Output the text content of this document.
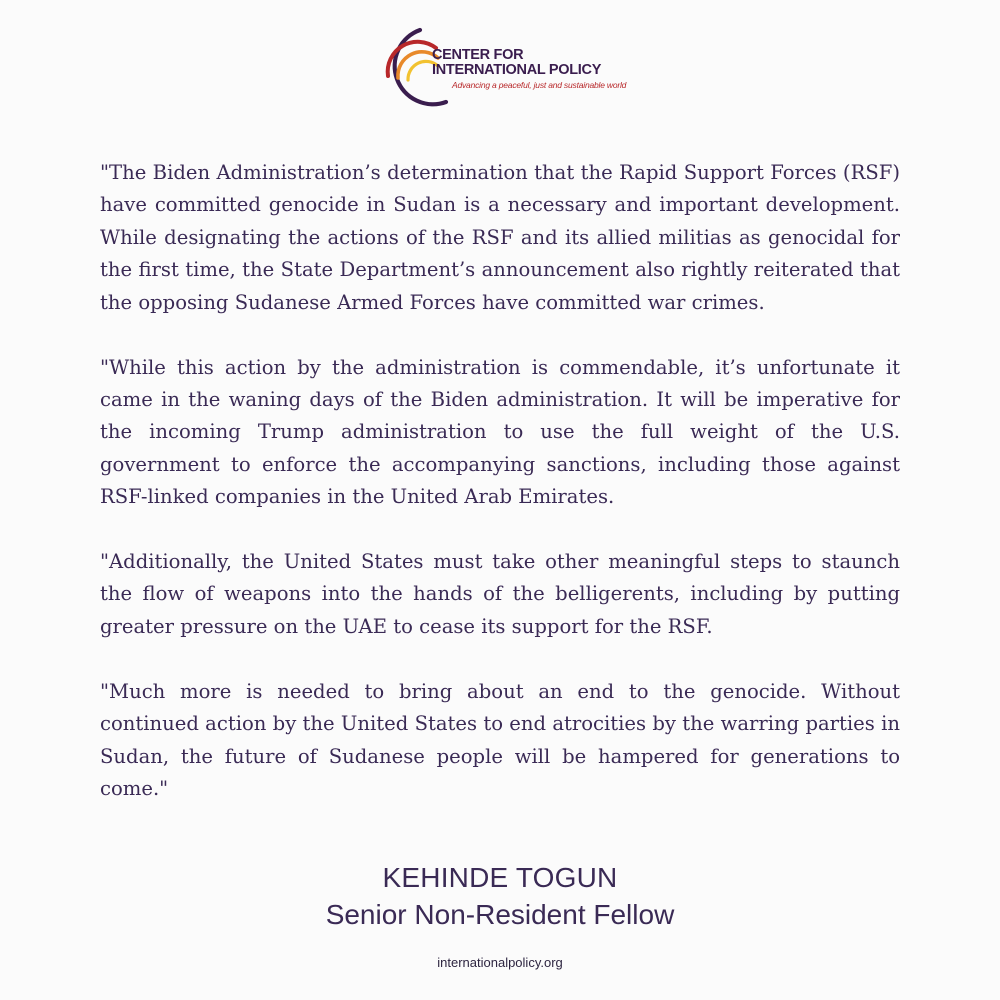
CENTER FOR
INTERNATIONAL POLICY
Advancing a peaceful, just and sustainable world

"The Biden Administration’s determination that the Rapid Support Forces (RSF) have committed genocide in Sudan is a necessary and important development. While designating the actions of the RSF and its allied militias as genocidal for the first time, the State Department’s announcement also rightly reiterated that the opposing Sudanese Armed Forces have committed war crimes.

"While this action by the administration is commendable, it’s unfortunate it came in the waning days of the Biden administration. It will be imperative for the incoming Trump administration to use the full weight of the U.S. government to enforce the accompanying sanctions, including those against RSF-linked companies in the United Arab Emirates.

"Additionally, the United States must take other meaningful steps to staunch the flow of weapons into the hands of the belligerents, including by putting greater pressure on the UAE to cease its support for the RSF.

"Much more is needed to bring about an end to the genocide. Without continued action by the United States to end atrocities by the warring parties in Sudan, the future of Sudanese people will be hampered for generations to come."

KEHINDE TOGUN
Senior Non-Resident Fellow
internationalpolicy.org
